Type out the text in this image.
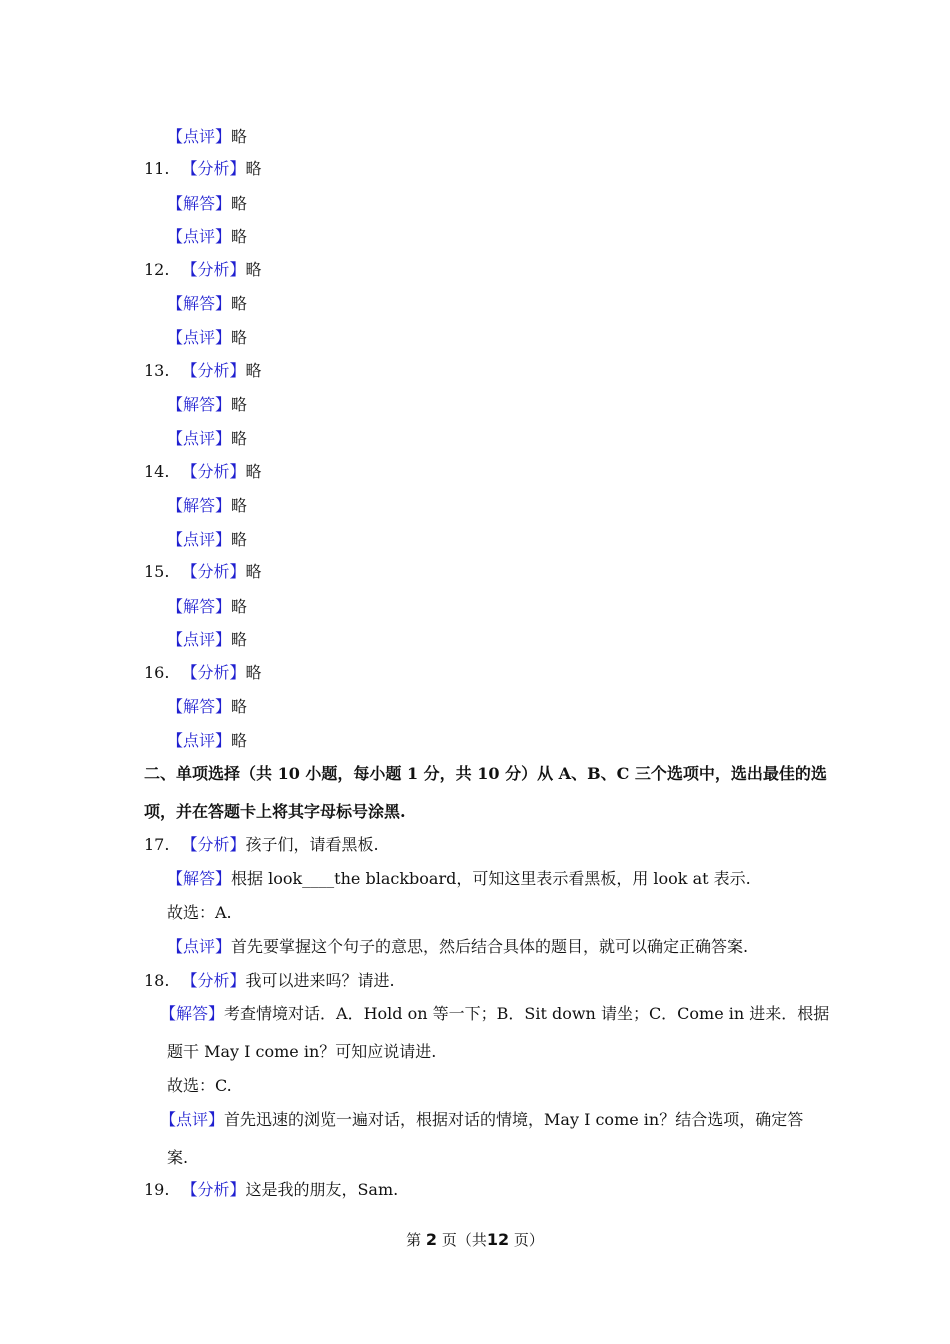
【点评】略
11. 【分析】略
【解答】略
【点评】略
12. 【分析】略
【解答】略
【点评】略
13. 【分析】略
【解答】略
【点评】略
14. 【分析】略
【解答】略
【点评】略
15. 【分析】略
【解答】略
【点评】略
16. 【分析】略
【解答】略
【点评】略
二、单项选择（共 10 小题，每小题 1 分，共 10 分）从 A、B、C 三个选项中，选出最佳的选
项，并在答题卡上将其字母标号涂黑.
17. 【分析】孩子们，请看黑板.
【解答】根据 look____the blackboard，可知这里表示看黑板，用 look at 表示.
故选：A.
【点评】首先要掌握这个句子的意思，然后结合具体的题目，就可以确定正确答案.
18. 【分析】我可以进来吗？请进.
【解答】考查情境对话．A．Hold on 等一下；B．Sit down 请坐；C．Come in 进来．根据
题干 May I come in？可知应说请进.
故选：C.
【点评】首先迅速的浏览一遍对话，根据对话的情境，May I come in？结合选项，确定答
案.
19. 【分析】这是我的朋友，Sam.
第 2 页（共12 页）
